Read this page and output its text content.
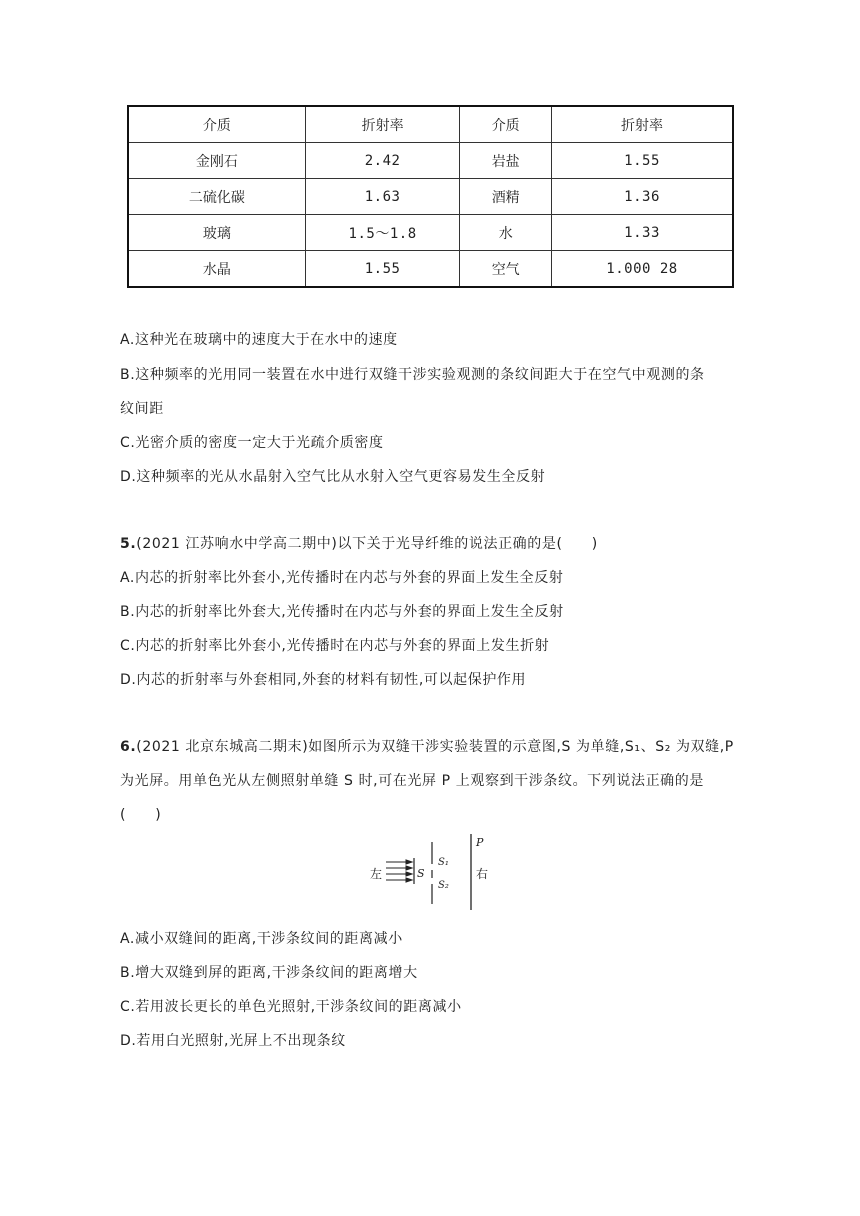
介质	折射率	介质	折射率
金刚石	2.42	岩盐	1.55
二硫化碳	1.63	酒精	1.36
玻璃	1.5～1.8	水	1.33
水晶	1.55	空气	1.000 28
A.这种光在玻璃中的速度大于在水中的速度
B.这种频率的光用同一装置在水中进行双缝干涉实验观测的条纹间距大于在空气中观测的条
纹间距
C.光密介质的密度一定大于光疏介质密度
D.这种频率的光从水晶射入空气比从水射入空气更容易发生全反射
5.(2021 江苏响水中学高二期中)以下关于光导纤维的说法正确的是(　　)
A.内芯的折射率比外套小,光传播时在内芯与外套的界面上发生全反射
B.内芯的折射率比外套大,光传播时在内芯与外套的界面上发生全反射
C.内芯的折射率比外套小,光传播时在内芯与外套的界面上发生折射
D.内芯的折射率与外套相同,外套的材料有韧性,可以起保护作用
6.(2021 北京东城高二期末)如图所示为双缝干涉实验装置的示意图,S 为单缝,S₁、S₂ 为双缝,P
为光屏。用单色光从左侧照射单缝 S 时,可在光屏 P 上观察到干涉条纹。下列说法正确的是
(　　)
左	S
S₁
S₂
P
右
A.减小双缝间的距离,干涉条纹间的距离减小
B.增大双缝到屏的距离,干涉条纹间的距离增大
C.若用波长更长的单色光照射,干涉条纹间的距离减小
D.若用白光照射,光屏上不出现条纹
